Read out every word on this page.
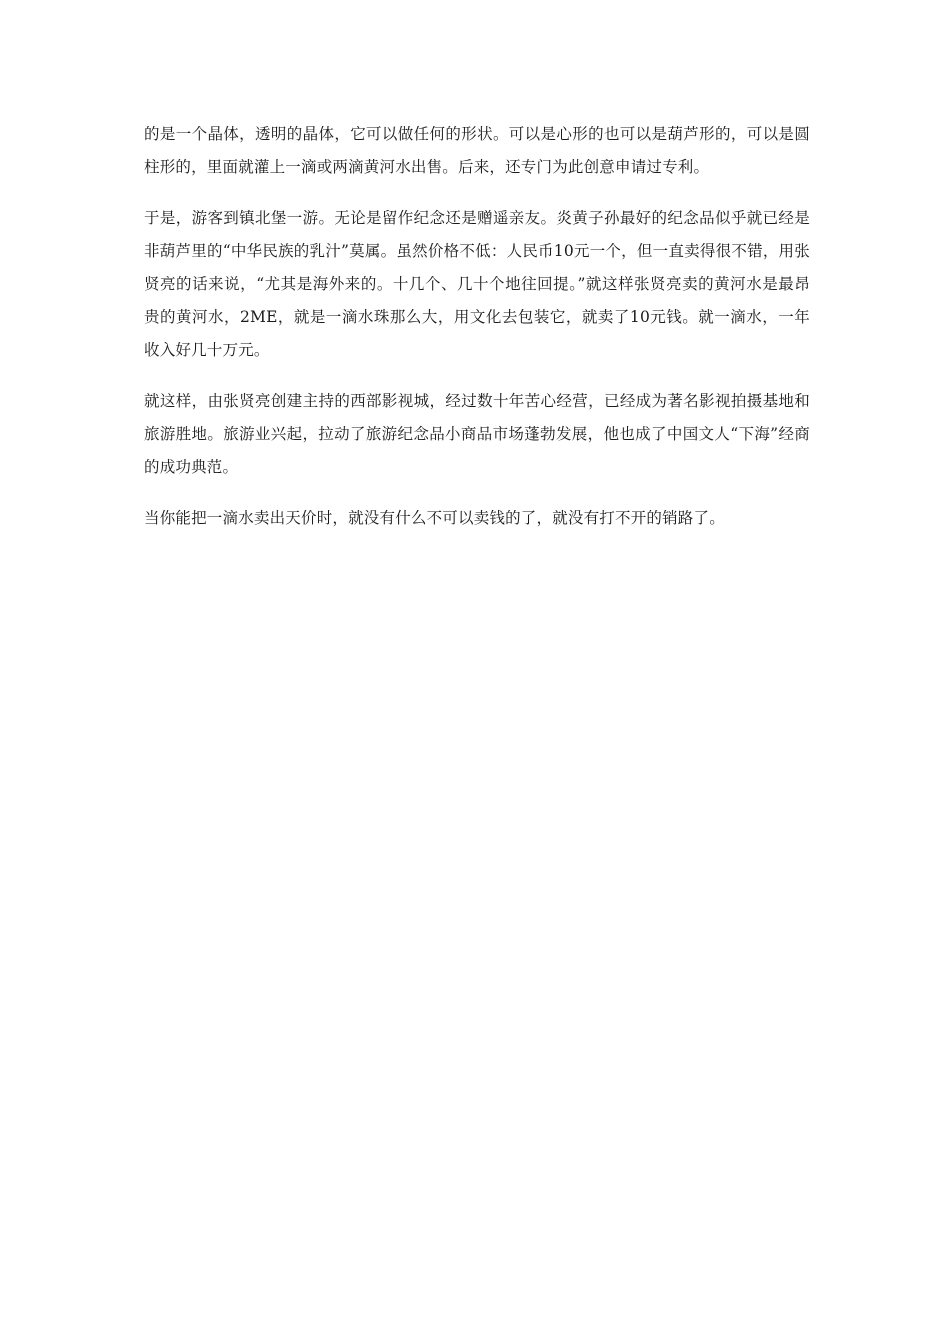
的是一个晶体，透明的晶体，它可以做任何的形状。可以是心形的也可以是葫芦形的，可以是圆柱形的，里面就灌上一滴或两滴黄河水出售。后来，还专门为此创意申请过专利。

于是，游客到镇北堡一游。无论是留作纪念还是赠遥亲友。炎黄子孙最好的纪念品似乎就已经是非葫芦里的“中华民族的乳汁”莫属。虽然价格不低：人民币10元一个，但一直卖得很不错，用张贤亮的话来说，“尤其是海外来的。十几个、几十个地往回提。”就这样张贤亮卖的黄河水是最昂贵的黄河水，2ME，就是一滴水珠那么大，用文化去包装它，就卖了10元钱。就一滴水，一年收入好几十万元。

就这样，由张贤亮创建主持的西部影视城，经过数十年苦心经营，已经成为著名影视拍摄基地和旅游胜地。旅游业兴起，拉动了旅游纪念品小商品市场蓬勃发展，他也成了中国文人“下海”经商的成功典范。

当你能把一滴水卖出天价时，就没有什么不可以卖钱的了，就没有打不开的销路了。
